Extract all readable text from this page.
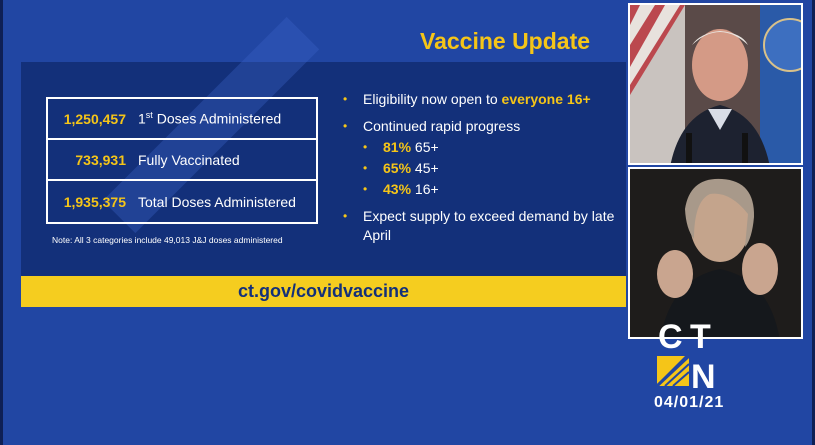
Vaccine Update
1,250,457 1st Doses Administered
733,931 Fully Vaccinated
1,935,375 Total Doses Administered
Note: All 3 categories include 49,013 J&J doses administered
• Eligibility now open to everyone 16+
• Continued rapid progress
• 81% 65+
• 65% 45+
• 43% 16+
• Expect supply to exceed demand by late April
ct.gov/covidvaccine
C T
N
04/01/21
